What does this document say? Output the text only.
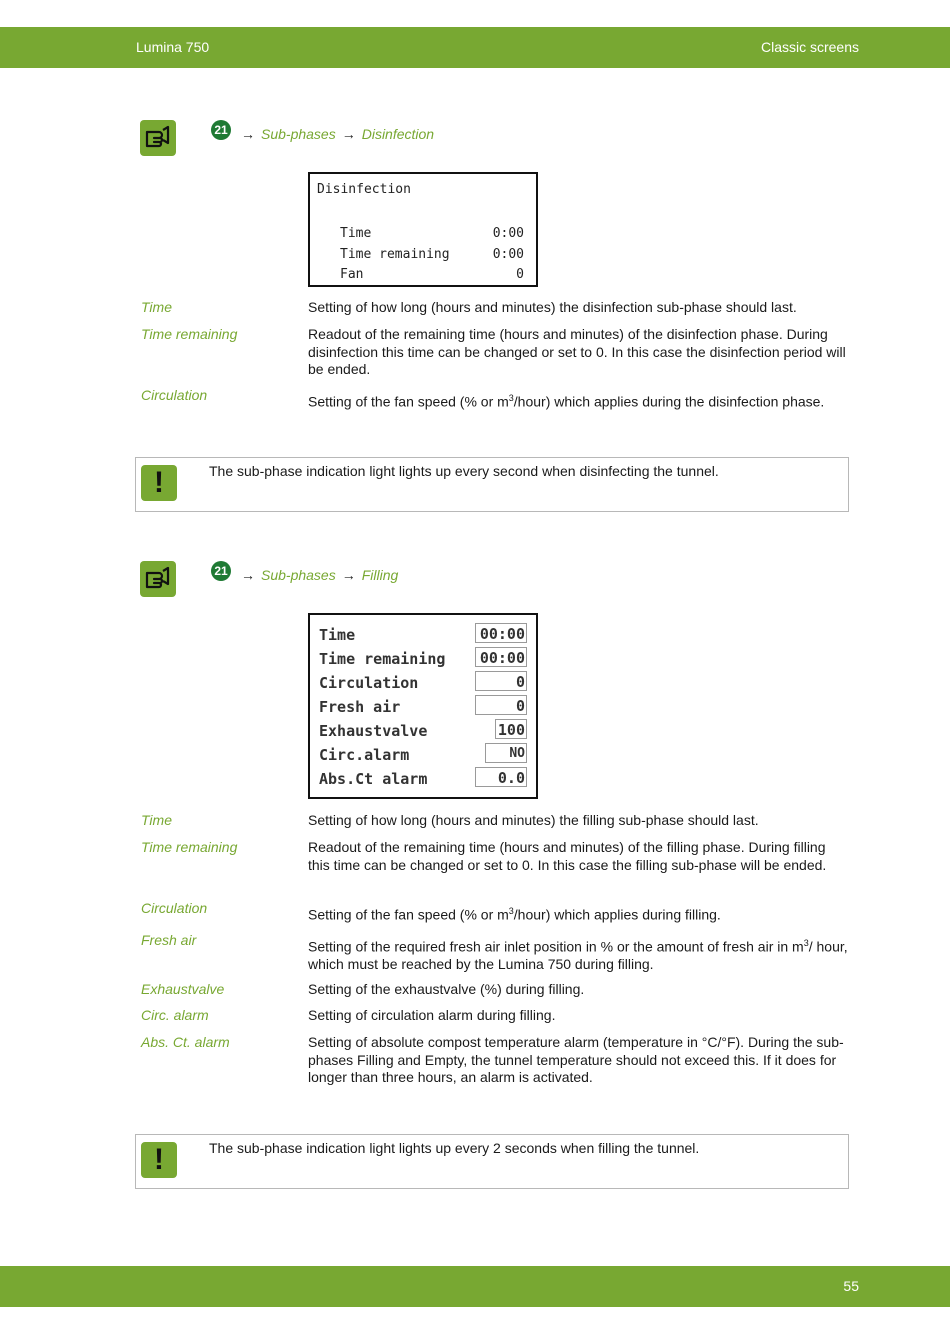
Lumina 750	Classic screens
21 → Sub-phases → Disinfection
Disinfection
Time	0:00
Time remaining	0:00
Fan	0
Time	Setting of how long (hours and minutes) the disinfection sub-phase should last.
Time remaining	Readout of the remaining time (hours and minutes) of the disinfection phase. During disinfection this time can be changed or set to 0. In this case the disinfection period will be ended.
Circulation	Setting of the fan speed (% or $m^3/hour$) which applies during the disinfection phase.
!	The sub-phase indication light lights up every second when disinfecting the tunnel.
21 → Sub-phases → Filling
Time	00:00
Time remaining	00:00
Circulation	0
Fresh air	0
Exhaustvalve	100
Circ.alarm	NO
Abs.Ct alarm	0.0
Time	Setting of how long (hours and minutes) the filling sub-phase should last.
Time remaining	Readout of the remaining time (hours and minutes) of the filling phase. During filling this time can be changed or set to 0. In this case the filling sub-phase will be ended.
Circulation	Setting of the fan speed (% or $m^3/hour$) which applies during filling.
Fresh air	Setting of the required fresh air inlet position in % or the amount of fresh air in $m^3/$ hour, which must be reached by the Lumina 750 during filling.
Exhaustvalve	Setting of the exhaustvalve (%) during filling.
Circ. alarm	Setting of circulation alarm during filling.
Abs. Ct. alarm	Setting of absolute compost temperature alarm (temperature in °C/°F). During the sub-phases Filling and Empty, the tunnel temperature should not exceed this. If it does for longer than three hours, an alarm is activated.
!	The sub-phase indication light lights up every 2 seconds when filling the tunnel.
55
